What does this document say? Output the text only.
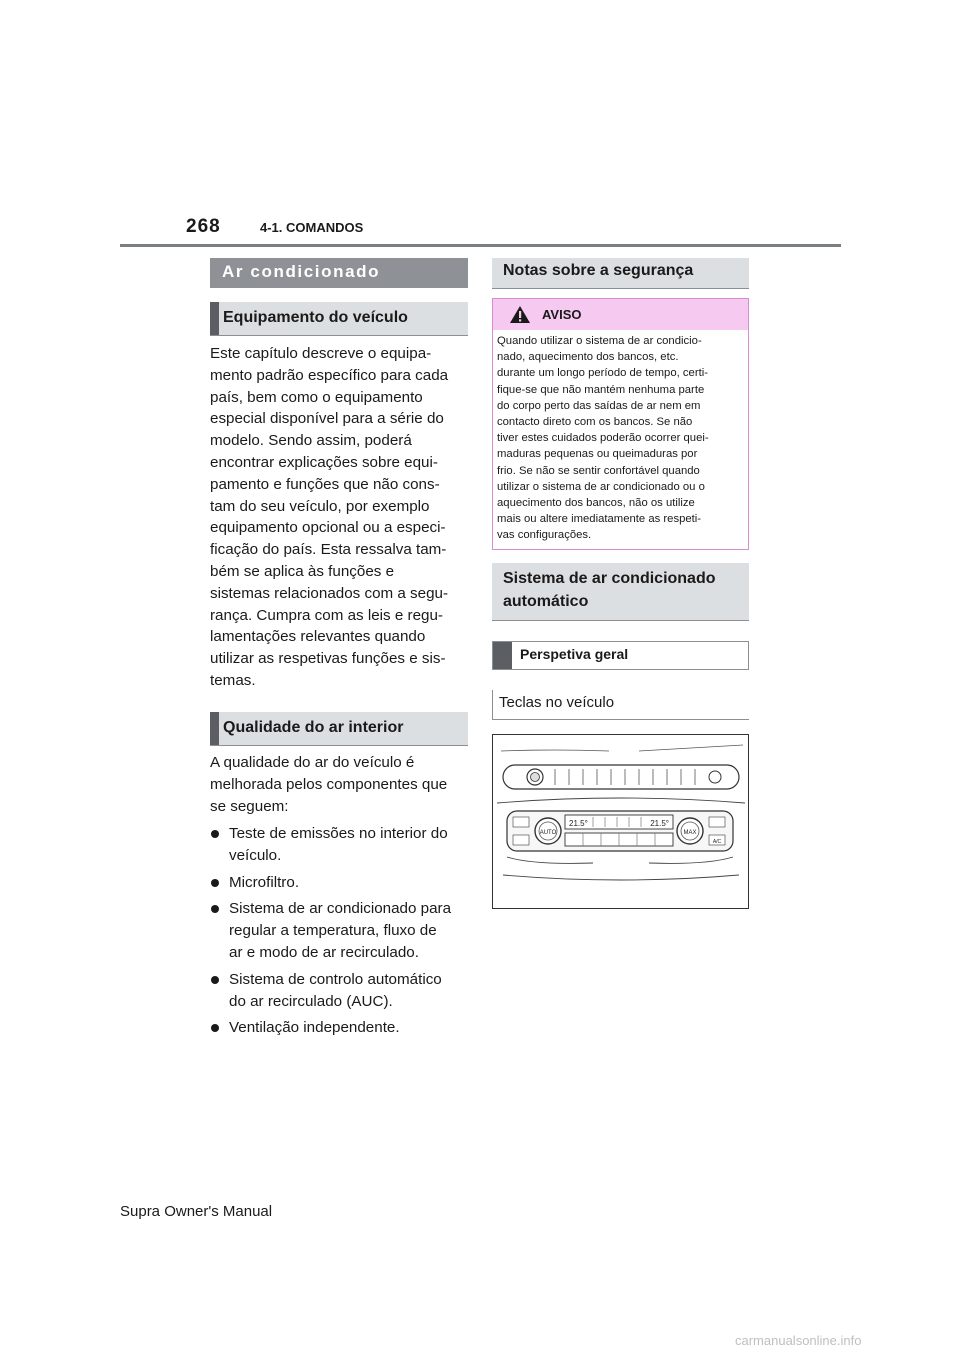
268	4-1. COMANDOS
Ar condicionado
Equipamento do veículo
Este capítulo descreve o equipa-
mento padrão específico para cada
país, bem como o equipamento
especial disponível para a série do
modelo. Sendo assim, poderá
encontrar explicações sobre equi-
pamento e funções que não cons-
tam do seu veículo, por exemplo
equipamento opcional ou a especi-
ficação do país. Esta ressalva tam-
bém se aplica às funções e
sistemas relacionados com a segu-
rança. Cumpra com as leis e regu-
lamentações relevantes quando
utilizar as respetivas funções e sis-
temas.
Qualidade do ar interior
A qualidade do ar do veículo é
melhorada pelos componentes que
se seguem:
Teste de emissões no interior do
veículo.
Microfiltro.
Sistema de ar condicionado para
regular a temperatura, fluxo de
ar e modo de ar recirculado.
Sistema de controlo automático
do ar recirculado (AUC).
Ventilação independente.
Notas sobre a segurança
AVISO
Quando utilizar o sistema de ar condicio-
nado, aquecimento dos bancos, etc.
durante um longo período de tempo, certi-
fique-se que não mantém nenhuma parte
do corpo perto das saídas de ar nem em
contacto direto com os bancos. Se não
tiver estes cuidados poderão ocorrer quei-
maduras pequenas ou queimaduras por
frio. Se não se sentir confortável quando
utilizar o sistema de ar condicionado ou o
aquecimento dos bancos, não os utilize
mais ou altere imediatamente as respeti-
vas configurações.
Sistema de ar condicionado
automático
Perspetiva geral
Teclas no veículo
AUTO	MAX
21.5°	21.5°
A/C
Supra Owner's Manual
carmanualsonline.info
